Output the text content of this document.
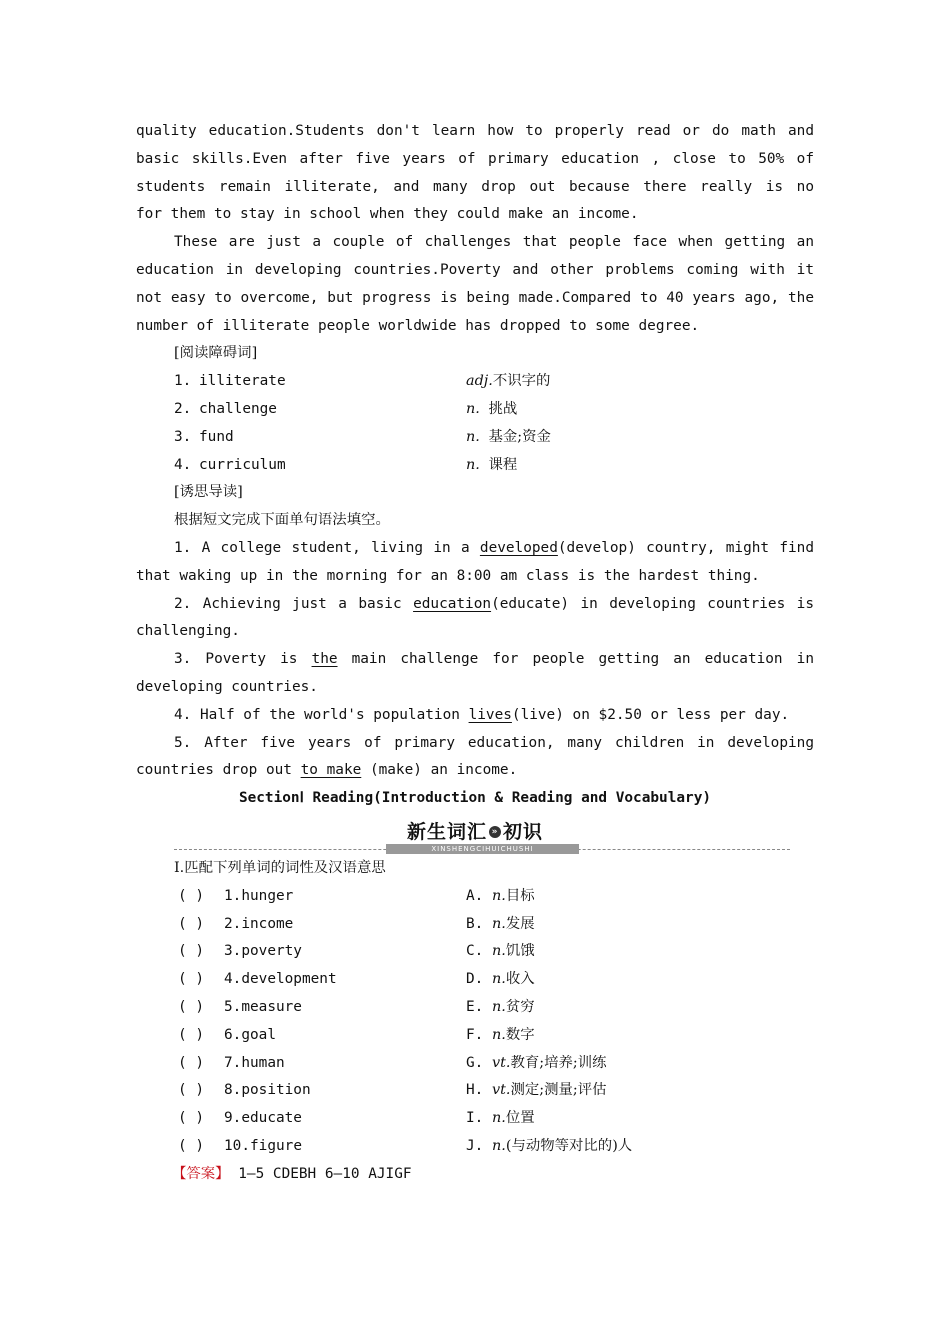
quality education.Students don't learn how to properly read or do math and
basic skills.Even after five years of primary education , close to 50% of
students remain illiterate, and many drop out because there really is no
for them to stay in school when they could make an income.
These are just a couple of challenges that people face when getting an
education in developing countries.Poverty and other problems coming with it
not easy to overcome, but progress is being made.Compared to 40 years ago, the
number of illiterate people worldwide has dropped to some degree.
[阅读障碍词]
1. illiterate	adj.不识字的
2. challenge	n. 挑战
3. fund	n. 基金;资金
4. curriculum	n. 课程
[诱思导读]
根据短文完成下面单句语法填空。
1. A college student, living in a developed(develop) country, might find
that waking up in the morning for an 8:00 am class is the hardest thing.
2. Achieving just a basic education(educate) in developing countries is
challenging.
3. Poverty is the main challenge for people getting an education in
developing countries.
4. Half of the world's population lives(live) on $2.50 or less per day.
5. After five years of primary education, many children in developing
countries drop out to make (make) an income.
SectionⅠ Reading(Introduction & Reading and Vocabulary)
XINSHENGCIHUICHUSHI
新生词汇 » 初识
Ⅰ.匹配下列单词的词性及汉语意思
( ) 1.hunger	A. n.目标
( ) 2.income	B. n.发展
( ) 3.poverty	C. n.饥饿
( ) 4.development	D. n.收入
( ) 5.measure	E. n.贫穷
( ) 6.goal	F. n.数字
( ) 7.human	G. vt.教育;培养;训练
( ) 8.position	H. vt.测定;测量;评估
( ) 9.educate	I. n.位置
( ) 10.figure	J. n.(与动物等对比的)人
【答案】 1—5 CDEBH 6—10 AJIGF
